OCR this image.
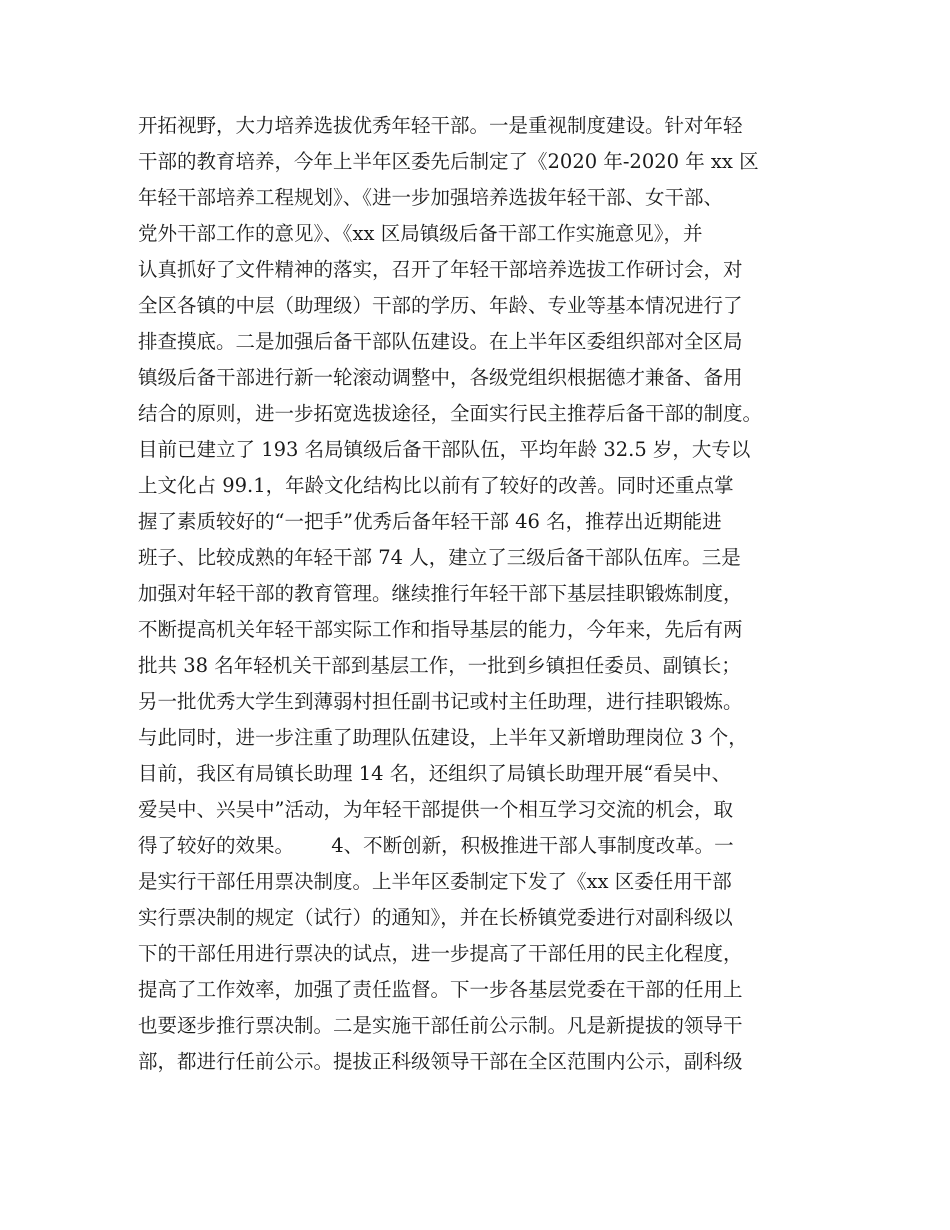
开拓视野，大力培养选拔优秀年轻干部。一是重视制度建设。针对年轻
干部的教育培养，今年上半年区委先后制定了《2020 年-2020 年 xx 区
年轻干部培养工程规划》、《进一步加强培养选拔年轻干部、女干部、
党外干部工作的意见》、《xx 区局镇级后备干部工作实施意见》，并
认真抓好了文件精神的落实，召开了年轻干部培养选拔工作研讨会，对
全区各镇的中层（助理级）干部的学历、年龄、专业等基本情况进行了
排查摸底。二是加强后备干部队伍建设。在上半年区委组织部对全区局
镇级后备干部进行新一轮滚动调整中，各级党组织根据德才兼备、备用
结合的原则，进一步拓宽选拔途径，全面实行民主推荐后备干部的制度。
目前已建立了 193 名局镇级后备干部队伍，平均年龄 32.5 岁，大专以
上文化占 99.1，年龄文化结构比以前有了较好的改善。同时还重点掌
握了素质较好的“一把手”优秀后备年轻干部 46 名，推荐出近期能进
班子、比较成熟的年轻干部 74 人，建立了三级后备干部队伍库。三是
加强对年轻干部的教育管理。继续推行年轻干部下基层挂职锻炼制度，
不断提高机关年轻干部实际工作和指导基层的能力，今年来，先后有两
批共 38 名年轻机关干部到基层工作，一批到乡镇担任委员、副镇长；
另一批优秀大学生到薄弱村担任副书记或村主任助理，进行挂职锻炼。
与此同时，进一步注重了助理队伍建设，上半年又新增助理岗位 3 个，
目前，我区有局镇长助理 14 名，还组织了局镇长助理开展“看吴中、
爱吴中、兴吴中”活动，为年轻干部提供一个相互学习交流的机会，取
得了较好的效果。      4、不断创新，积极推进干部人事制度改革。一
是实行干部任用票决制度。上半年区委制定下发了《xx 区委任用干部
实行票决制的规定（试行）的通知》，并在长桥镇党委进行对副科级以
下的干部任用进行票决的试点，进一步提高了干部任用的民主化程度，
提高了工作效率，加强了责任监督。下一步各基层党委在干部的任用上
也要逐步推行票决制。二是实施干部任前公示制。凡是新提拔的领导干
部，都进行任前公示。提拔正科级领导干部在全区范围内公示，副科级
